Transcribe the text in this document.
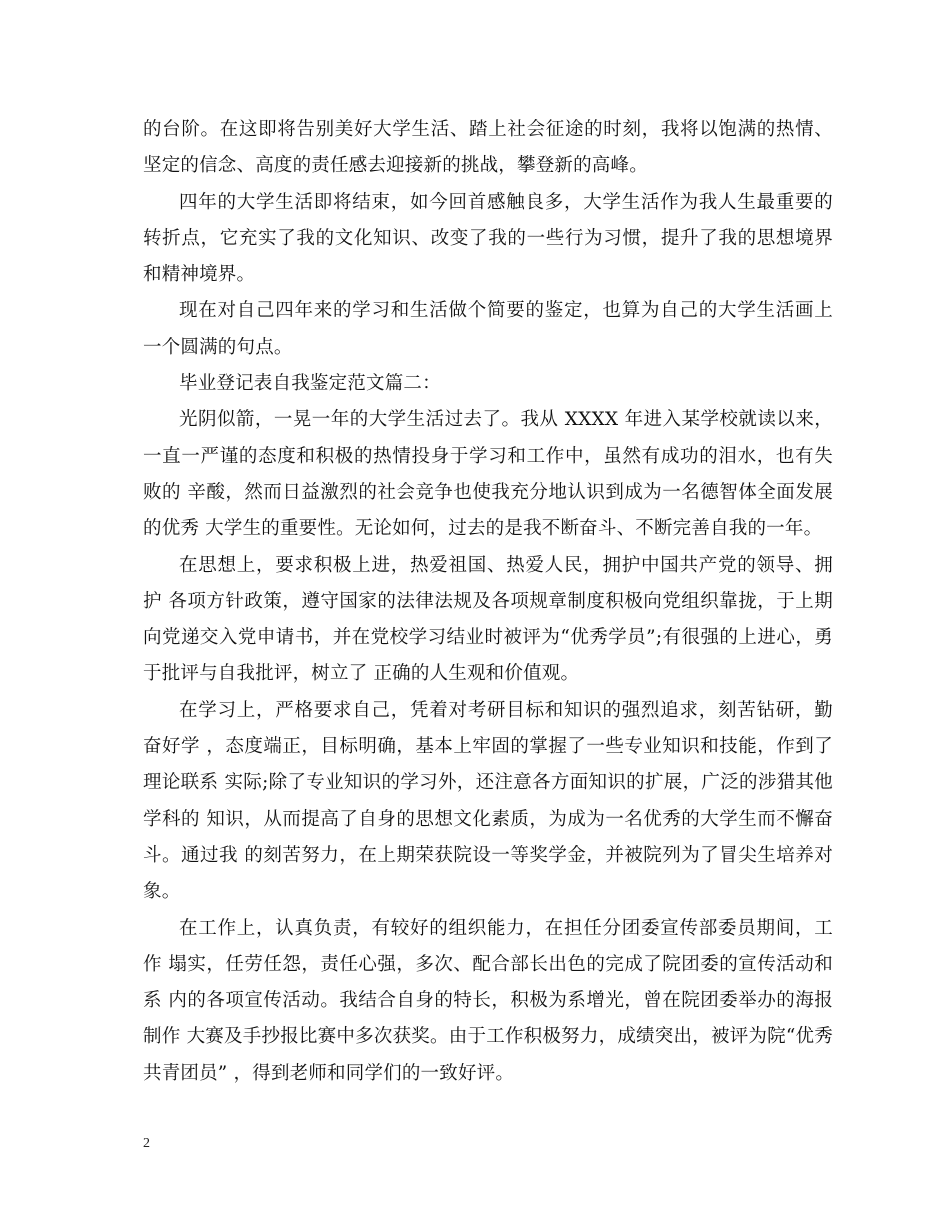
的台阶。在这即将告别美好大学生活、踏上社会征途的时刻，我将以饱满的热情、坚定的信念、高度的责任感去迎接新的挑战，攀登新的高峰。

四年的大学生活即将结束，如今回首感触良多，大学生活作为我人生最重要的转折点，它充实了我的文化知识、改变了我的一些行为习惯，提升了我的思想境界和精神境界。

现在对自己四年来的学习和生活做个简要的鉴定，也算为自己的大学生活画上一个圆满的句点。

毕业登记表自我鉴定范文篇二：

光阴似箭，一晃一年的大学生活过去了。我从 XXXX 年进入某学校就读以来，一直一严谨的态度和积极的热情投身于学习和工作中，虽然有成功的泪水，也有失败的 辛酸，然而日益激烈的社会竞争也使我充分地认识到成为一名德智体全面发展的优秀 大学生的重要性。无论如何，过去的是我不断奋斗、不断完善自我的一年。

在思想上，要求积极上进，热爱祖国、热爱人民，拥护中国共产党的领导、拥护 各项方针政策，遵守国家的法律法规及各项规章制度积极向党组织靠拢，于上期向党递交入党申请书，并在党校学习结业时被评为“优秀学员”;有很强的上进心，勇于批评与自我批评，树立了 正确的人生观和价值观。

在学习上，严格要求自己，凭着对考研目标和知识的强烈追求，刻苦钻研，勤奋好学 ，态度端正，目标明确，基本上牢固的掌握了一些专业知识和技能，作到了理论联系 实际;除了专业知识的学习外，还注意各方面知识的扩展，广泛的涉猎其他学科的 知识，从而提高了自身的思想文化素质，为成为一名优秀的大学生而不懈奋斗。通过我 的刻苦努力，在上期荣获院设一等奖学金，并被院列为了冒尖生培养对象。

在工作上，认真负责，有较好的组织能力，在担任分团委宣传部委员期间，工作 塌实，任劳任怨，责任心强，多次、配合部长出色的完成了院团委的宣传活动和系 内的各项宣传活动。我结合自身的特长，积极为系增光，曾在院团委举办的海报制作 大赛及手抄报比赛中多次获奖。由于工作积极努力，成绩突出，被评为院“优秀共青团员” ，得到老师和同学们的一致好评。

2
